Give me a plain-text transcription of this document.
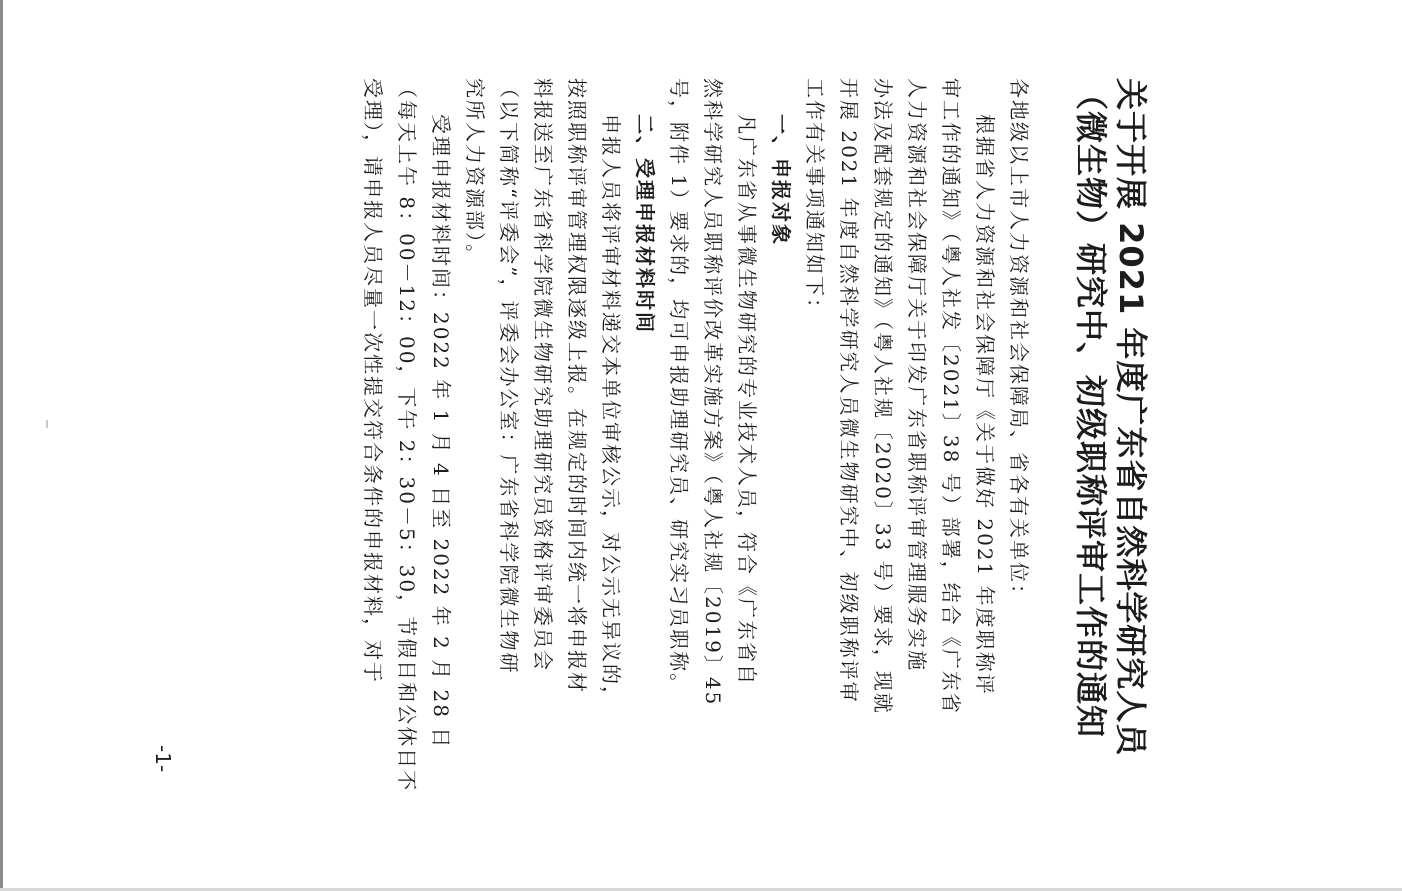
关于开展 2021 年度广东省自然科学研究人员
（微生物）研究中、初级职称评审工作的通知
各地级以上市人力资源和社会保障局、省各有关单位：
根据省人力资源和社会保障厅《关于做好 2021 年度职称评
审工作的通知》（粤人社发〔2021〕38 号）部署，结合《广东省
人力资源和社会保障厅关于印发广东省职称评审管理服务实施
办法及配套规定的通知》（粤人社规〔2020〕33 号）要求，现就
开展 2021 年度自然科学研究人员微生物研究中、初级职称评审
工作有关事项通知如下：
一、申报对象
凡广东省从事微生物研究的专业技术人员，符合《广东省自
然科学研究人员职称评价改革实施方案》（粤人社规〔2019〕45
号，附件 1）要求的，均可申报助理研究员、研究实习员职称。
二、受理申报材料时间
申报人员将评审材料递交本单位审核公示，对公示无异议的，
按照职称评审管理权限逐级上报。在规定的时间内统一将申报材
料报送至广东省科学院微生物研究助理研究员资格评审委员会
（以下简称“评委会”，评委会办公室：广东省科学院微生物研
究所人力资源部）。
受理申报材料时间：2022 年 1 月 4 日至 2022 年 2 月 28 日
（每天上午 8：00－12：00，下午 2：30－5：30，节假日和公休日不
受理），请申报人员尽量一次性提交符合条件的申报材料，对于
-1-
